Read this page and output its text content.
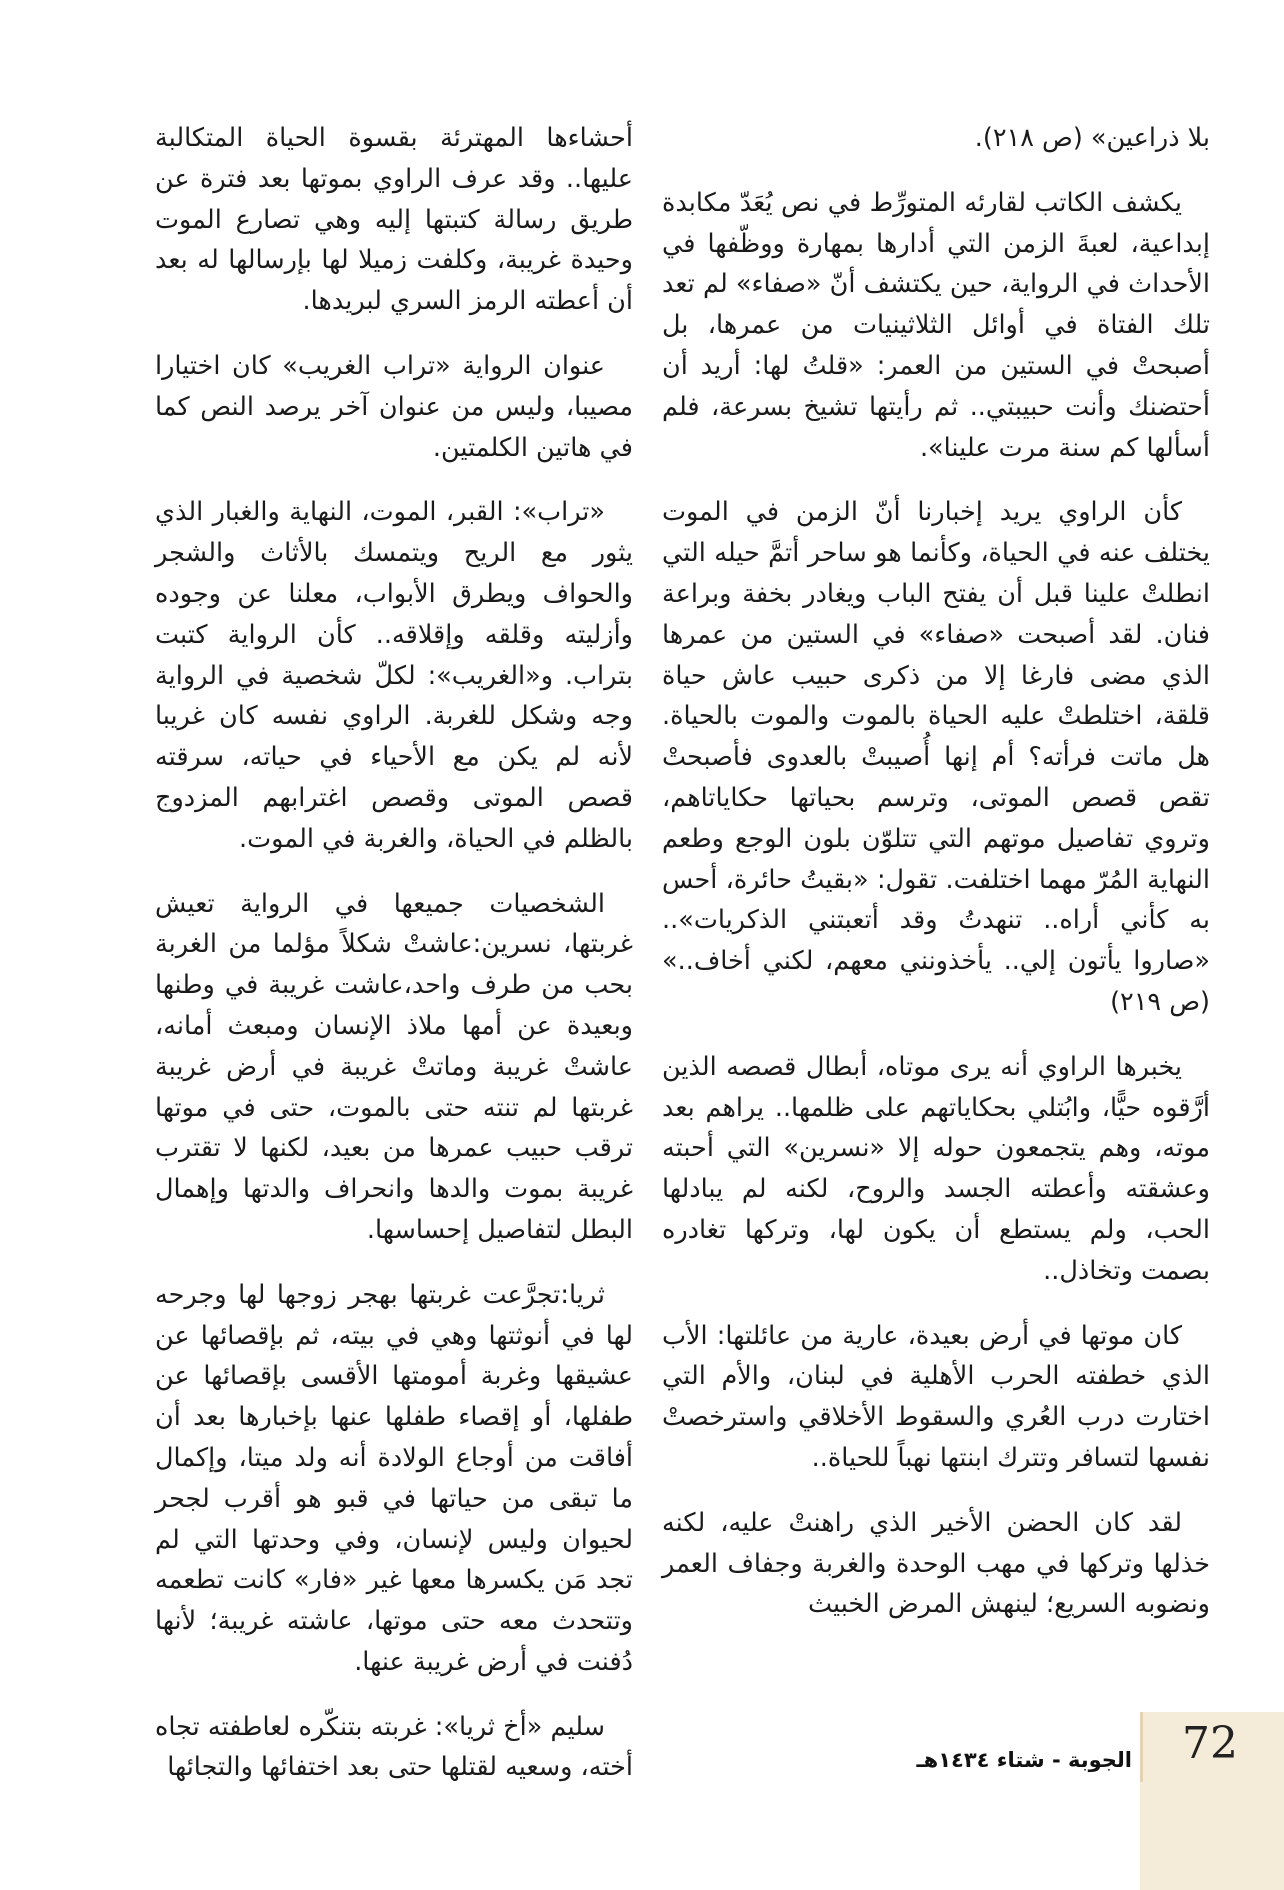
بلا ذراعين» (ص ٢١٨).

يكشف الكاتب لقارئه المتورِّط في نص يُعَدّ مكابدة إبداعية، لعبةَ الزمن التي أدارها بمهارة ووظّفها في الأحداث في الرواية، حين يكتشف أنّ «صفاء» لم تعد تلك الفتاة في أوائل الثلاثينيات من عمرها، بل أصبحتْ في الستين من العمر: «قلتُ لها: أريد أن أحتضنك وأنت حبيبتي.. ثم رأيتها تشيخ بسرعة، فلم أسألها كم سنة مرت علينا».

كأن الراوي يريد إخبارنا أنّ الزمن في الموت يختلف عنه في الحياة، وكأنما هو ساحر أتمَّ حيله التي انطلتْ علينا قبل أن يفتح الباب ويغادر بخفة وبراعة فنان. لقد أصبحت «صفاء» في الستين من عمرها الذي مضى فارغا إلا من ذكرى حبيب عاش حياة قلقة، اختلطتْ عليه الحياة بالموت والموت بالحياة. هل ماتت فرأته؟ أم إنها أُصيبتْ بالعدوى فأصبحتْ تقص قصص الموتى، وترسم بحياتها حكاياتاهم، وتروي تفاصيل موتهم التي تتلوّن بلون الوجع وطعم النهاية المُرّ مهما اختلفت. تقول: «بقيتُ حائرة، أحس به كأني أراه.. تنهدتُ وقد أتعبتني الذكريات».. «صاروا يأتون إلي.. يأخذونني معهم، لكني أخاف..» (ص ٢١٩)

يخبرها الراوي أنه يرى موتاه، أبطال قصصه الذين أرَّقوه حيًّا، وابُتلي بحكاياتهم على ظلمها.. يراهم بعد موته، وهم يتجمعون حوله إلا «نسرين» التي أحبته وعشقته وأعطته الجسد والروح، لكنه لم يبادلها الحب، ولم يستطع أن يكون لها، وتركها تغادره بصمت وتخاذل..

كان موتها في أرض بعيدة، عارية من عائلتها: الأب الذي خطفته الحرب الأهلية في لبنان، والأم التي اختارت درب العُري والسقوط الأخلاقي واسترخصتْ نفسها لتسافر وتترك ابنتها نهباً للحياة..

لقد كان الحضن الأخير الذي راهنتْ عليه، لكنه خذلها وتركها في مهب الوحدة والغربة وجفاف العمر ونضوبه السريع؛ لينهش المرض الخبيث

أحشاءها المهترئة بقسوة الحياة المتكالبة عليها.. وقد عرف الراوي بموتها بعد فترة عن طريق رسالة كتبتها إليه وهي تصارع الموت وحيدة غريبة، وكلفت زميلا لها بإرسالها له بعد أن أعطته الرمز السري لبريدها.

عنوان الرواية «تراب الغريب» كان اختيارا مصيبا، وليس من عنوان آخر يرصد النص كما في هاتين الكلمتين.

«تراب»: القبر، الموت، النهاية والغبار الذي يثور مع الريح ويتمسك بالأثاث والشجر والحواف ويطرق الأبواب، معلنا عن وجوده وأزليته وقلقه وإقلاقه.. كأن الرواية كتبت بتراب. و«الغريب»: لكلّ شخصية في الرواية وجه وشكل للغربة. الراوي نفسه كان غريبا لأنه لم يكن مع الأحياء في حياته، سرقته قصص الموتى وقصص اغترابهم المزدوج بالظلم في الحياة، والغربة في الموت.

الشخصيات جميعها في الرواية تعيش غربتها، نسرين:عاشتْ شكلاً مؤلما من الغربة بحب من طرف واحد،عاشت غريبة في وطنها وبعيدة عن أمها ملاذ الإنسان ومبعث أمانه، عاشتْ غريبة وماتتْ غريبة في أرض غريبة غربتها لم تنته حتى بالموت، حتى في موتها ترقب حبيب عمرها من بعيد، لكنها لا تقترب غريبة بموت والدها وانحراف والدتها وإهمال البطل لتفاصيل إحساسها.

ثريا:تجرَّعت غربتها بهجر زوجها لها وجرحه لها في أنوثتها وهي في بيته، ثم بإقصائها عن عشيقها وغربة أمومتها الأقسى بإقصائها عن طفلها، أو إقصاء طفلها عنها بإخبارها بعد أن أفاقت من أوجاع الولادة أنه ولد ميتا، وإكمال ما تبقى من حياتها في قبو هو أقرب لجحر لحيوان وليس لإنسان، وفي وحدتها التي لم تجد مَن يكسرها معها غير «فار» كانت تطعمه وتتحدث معه حتى موتها، عاشته غريبة؛ لأنها دُفنت في أرض غريبة عنها.

سليم «أخ ثريا»: غربته بتنكّره لعاطفته تجاه أخته، وسعيه لقتلها حتى بعد اختفائها والتجائها	72
الجوبة - شتاء ١٤٣٤هـ
